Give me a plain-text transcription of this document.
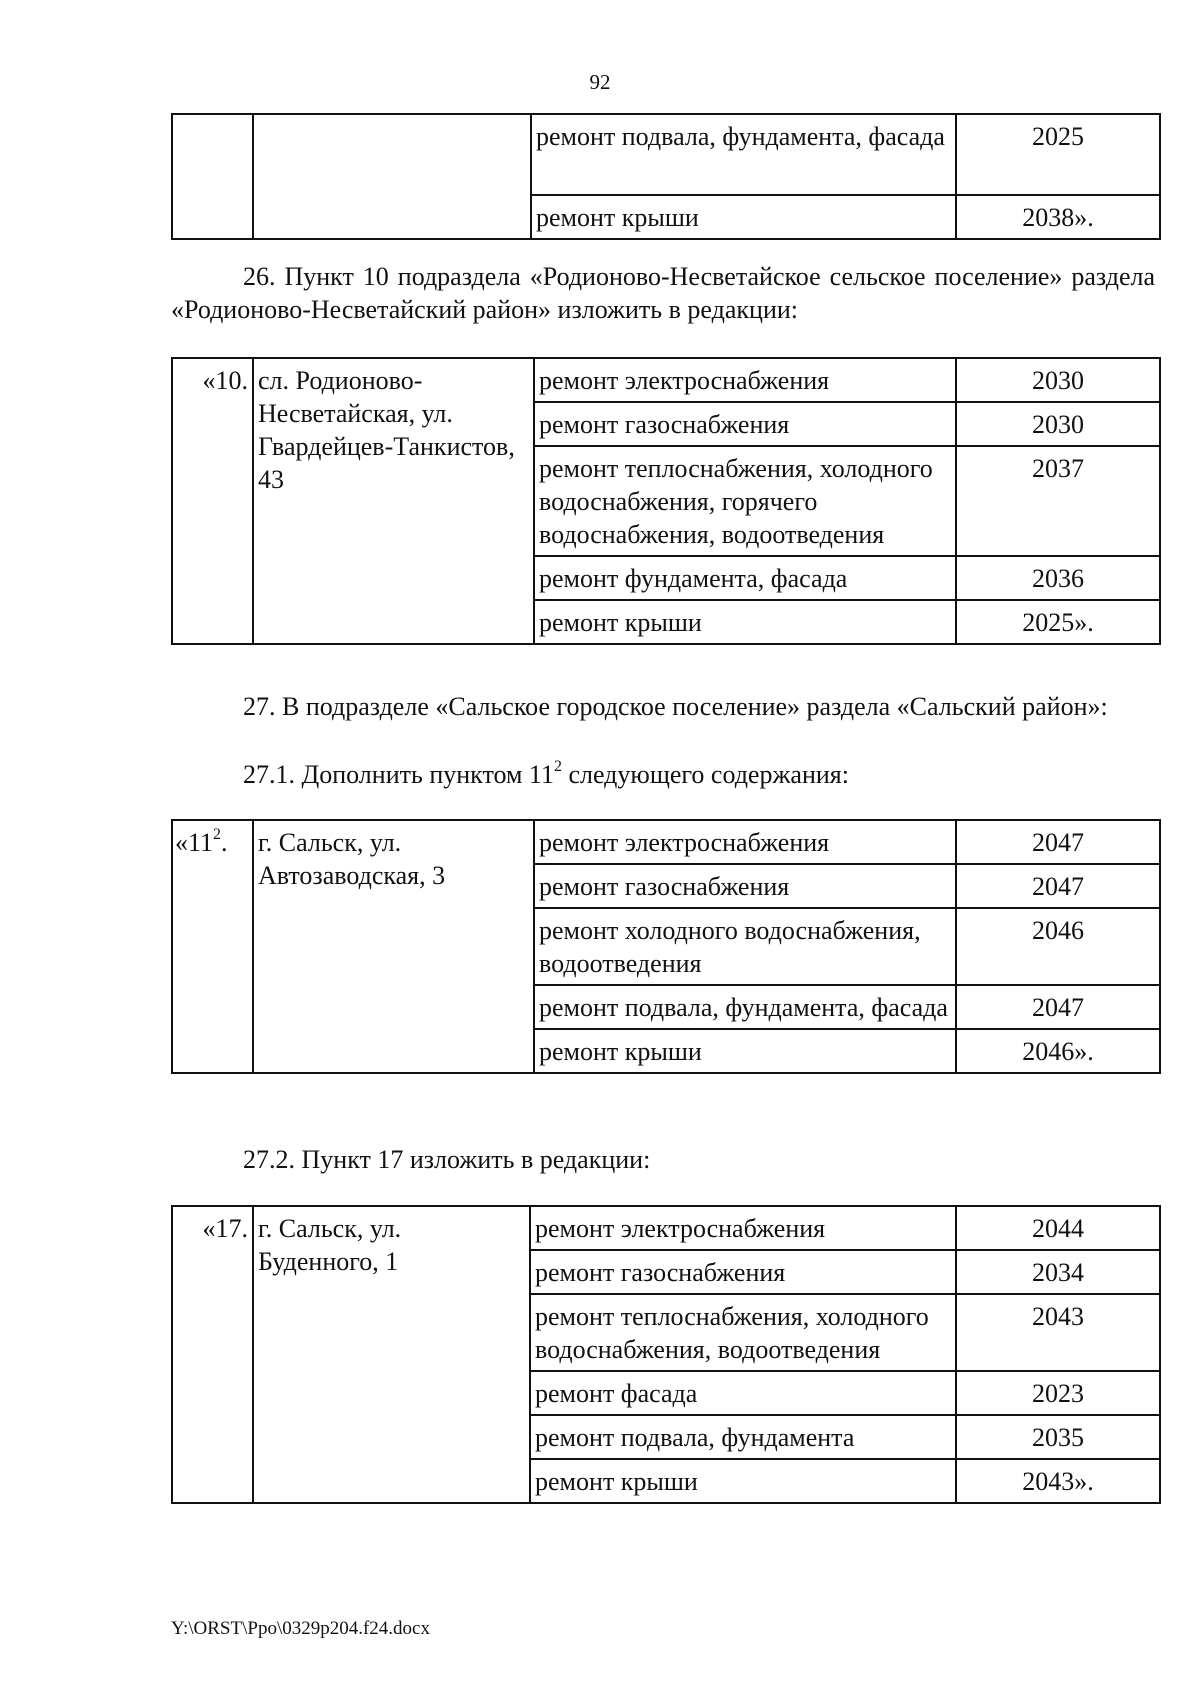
92
		ремонт подвала, фундамента, фасада	2025
		ремонт крыши	2038».
26. Пункт 10 подраздела «Родионово-Несветайское сельское поселение» раздела «Родионово-Несветайский район» изложить в редакции:
«10.	сл. Родионово-Несветайская, ул. Гвардейцев-Танкистов, 43	ремонт электроснабжения	2030
		ремонт газоснабжения	2030
		ремонт теплоснабжения, холодного водоснабжения, горячего водоснабжения, водоотведения	2037
		ремонт фундамента, фасада	2036
		ремонт крыши	2025».
27. В подразделе «Сальское городское поселение» раздела «Сальский район»:
27.1. Дополнить пунктом $11^2$ следующего содержания:
«$11^2$.	г. Сальск, ул. Автозаводская, 3	ремонт электроснабжения	2047
		ремонт газоснабжения	2047
		ремонт холодного водоснабжения, водоотведения	2046
		ремонт подвала, фундамента, фасада	2047
		ремонт крыши	2046».
27.2. Пункт 17 изложить в редакции:
«17.	г. Сальск, ул. Буденного, 1	ремонт электроснабжения	2044
		ремонт газоснабжения	2034
		ремонт теплоснабжения, холодного водоснабжения, водоотведения	2043
		ремонт фасада	2023
		ремонт подвала, фундамента	2035
		ремонт крыши	2043».
Y:\ORST\Ppo\0329p204.f24.docx
